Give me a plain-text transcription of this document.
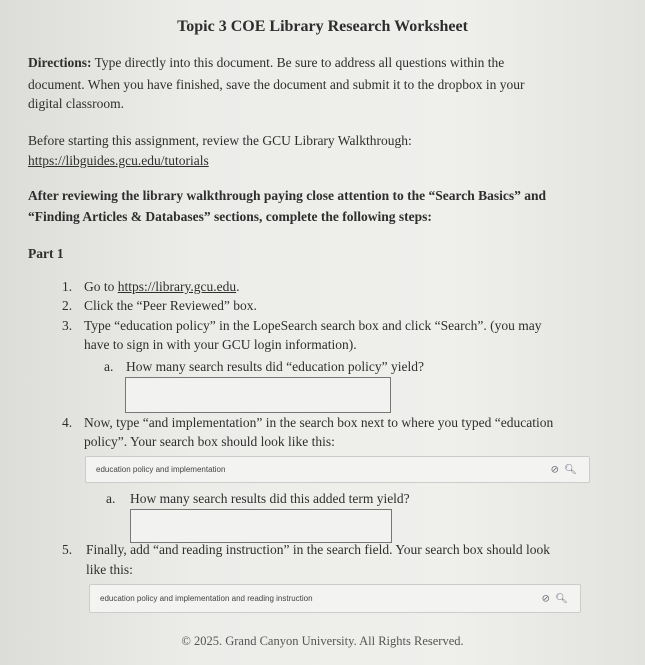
Topic 3 COE Library Research Worksheet
Directions: Type directly into this document. Be sure to address all questions within the
document. When you have finished, save the document and submit it to the dropbox in your
digital classroom.
Before starting this assignment, review the GCU Library Walkthrough:
https://libguides.gcu.edu/tutorials
After reviewing the library walkthrough paying close attention to the “Search Basics” and
“Finding Articles & Databases” sections, complete the following steps:
Part 1
1. Go to https://library.gcu.edu.
2. Click the “Peer Reviewed” box.
3. Type “education policy” in the LopeSearch search box and click “Search”. (you may
have to sign in with your GCU login information).
a. How many search results did “education policy” yield?
4. Now, type “and implementation” in the search box next to where you typed “education
policy”. Your search box should look like this:
education policy and implementation	⊘ 🔍︎
a. How many search results did this added term yield?
5. Finally, add “and reading instruction” in the search field. Your search box should look
like this:
education policy and implementation and reading instruction	⊘ 🔍︎
© 2025. Grand Canyon University. All Rights Reserved.
